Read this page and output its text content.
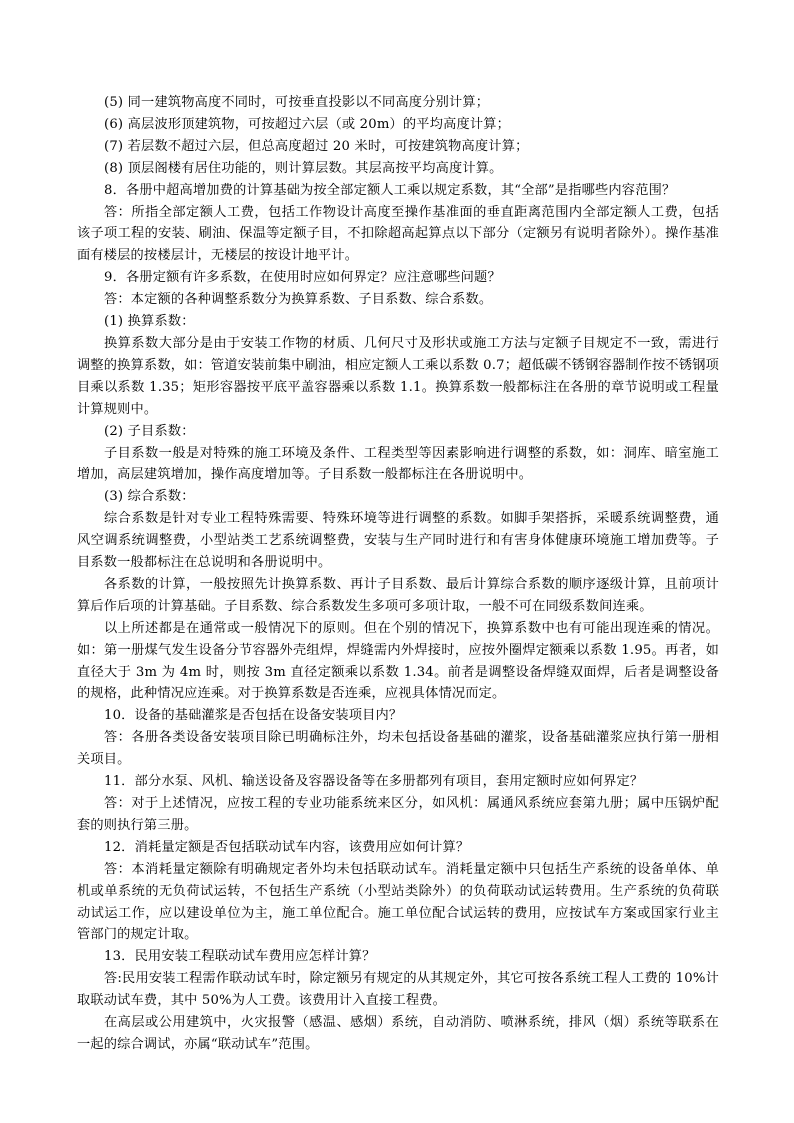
(5) 同一建筑物高度不同时，可按垂直投影以不同高度分别计算；

(6) 高层波形顶建筑物，可按超过六层（或 20m）的平均高度计算；

(7) 若层数不超过六层，但总高度超过 20 米时，可按建筑物高度计算；

(8) 顶层阁楼有居住功能的，则计算层数。其层高按平均高度计算。

8．各册中超高增加费的计算基础为按全部定额人工乘以规定系数，其“全部”是指哪些内容范围？

答：所指全部定额人工费，包括工作物设计高度至操作基准面的垂直距离范围内全部定额人工费，包括该子项工程的安装、刷油、保温等定额子目，不扣除超高起算点以下部分（定额另有说明者除外）。操作基准面有楼层的按楼层计，无楼层的按设计地平计。

9．各册定额有许多系数，在使用时应如何界定？应注意哪些问题？

答：本定额的各种调整系数分为换算系数、子目系数、综合系数。

(1) 换算系数：

换算系数大部分是由于安装工作物的材质、几何尺寸及形状或施工方法与定额子目规定不一致，需进行调整的换算系数，如：管道安装前集中刷油，相应定额人工乘以系数 0.7；超低碳不锈钢容器制作按不锈钢项目乘以系数 1.35；矩形容器按平底平盖容器乘以系数 1.1。换算系数一般都标注在各册的章节说明或工程量计算规则中。

(2) 子目系数：

子目系数一般是对特殊的施工环境及条件、工程类型等因素影响进行调整的系数，如：洞库、暗室施工增加，高层建筑增加，操作高度增加等。子目系数一般都标注在各册说明中。

(3) 综合系数：

综合系数是针对专业工程特殊需要、特殊环境等进行调整的系数。如脚手架搭拆，采暖系统调整费，通风空调系统调整费，小型站类工艺系统调整费，安装与生产同时进行和有害身体健康环境施工增加费等。子目系数一般都标注在总说明和各册说明中。

各系数的计算，一般按照先计换算系数、再计子目系数、最后计算综合系数的顺序逐级计算，且前项计算后作后项的计算基础。子目系数、综合系数发生多项可多项计取，一般不可在同级系数间连乘。

以上所述都是在通常或一般情况下的原则。但在个别的情况下，换算系数中也有可能出现连乘的情况。如：第一册煤气发生设备分节容器外壳组焊，焊缝需内外焊接时，应按外圈焊定额乘以系数 1.95。再者，如直径大于 3m 为 4m 时，则按 3m 直径定额乘以系数 1.34。前者是调整设备焊缝双面焊，后者是调整设备的规格，此种情况应连乘。对于换算系数是否连乘，应视具体情况而定。

10．设备的基础灌浆是否包括在设备安装项目内？

答：各册各类设备安装项目除已明确标注外，均未包括设备基础的灌浆，设备基础灌浆应执行第一册相关项目。

11．部分水泵、风机、输送设备及容器设备等在多册都列有项目，套用定额时应如何界定？

答：对于上述情况，应按工程的专业功能系统来区分，如风机：属通风系统应套第九册；属中压锅炉配套的则执行第三册。

12．消耗量定额是否包括联动试车内容，该费用应如何计算？

答：本消耗量定额除有明确规定者外均未包括联动试车。消耗量定额中只包括生产系统的设备单体、单机或单系统的无负荷试运转，不包括生产系统（小型站类除外）的负荷联动试运转费用。生产系统的负荷联动试运工作，应以建设单位为主，施工单位配合。施工单位配合试运转的费用，应按试车方案或国家行业主管部门的规定计取。

13．民用安装工程联动试车费用应怎样计算？

答:民用安装工程需作联动试车时，除定额另有规定的从其规定外，其它可按各系统工程人工费的 10%计取联动试车费，其中 50%为人工费。该费用计入直接工程费。

在高层或公用建筑中，火灾报警（感温、感烟）系统，自动消防、喷淋系统，排风（烟）系统等联系在一起的综合调试，亦属“联动试车”范围。
